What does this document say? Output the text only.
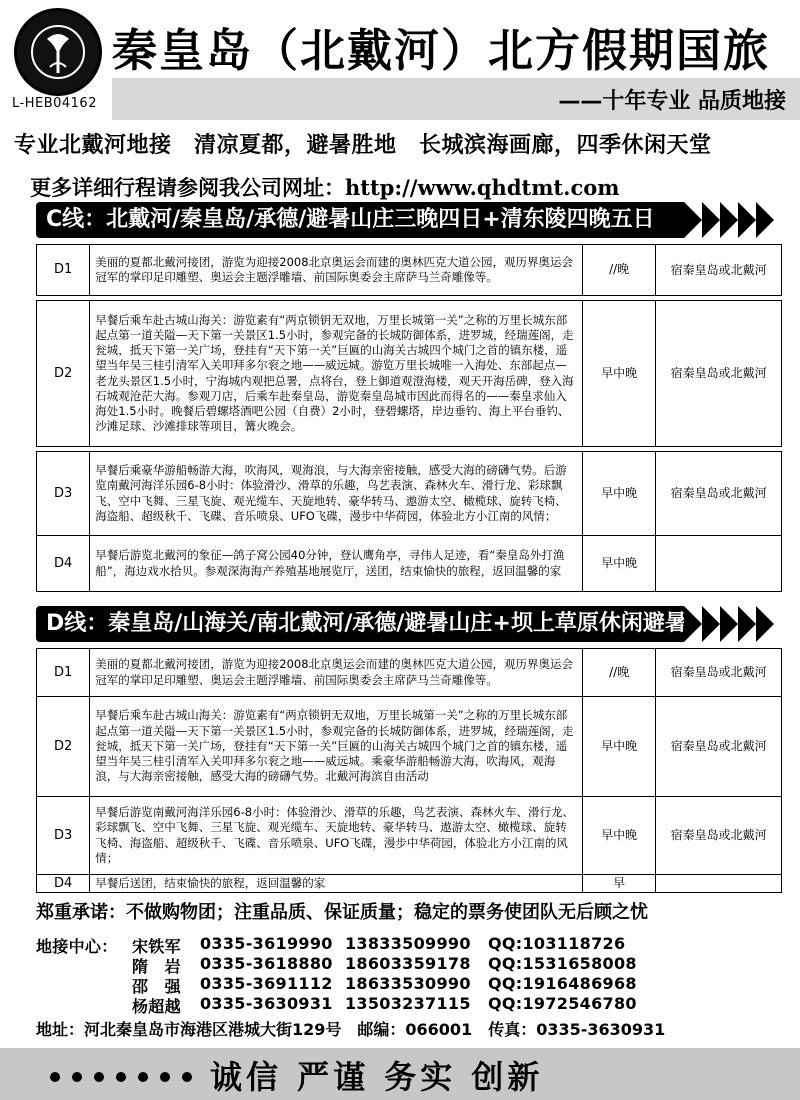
L-HEB04162
秦皇岛（北戴河）北方假期国旅
——十年专业 品质地接
专业北戴河地接　清凉夏都，避暑胜地　长城滨海画廊，四季休闲天堂
更多详细行程请参阅我公司网址：http://www.qhdtmt.com
C线：北戴河/秦皇岛/承德/避暑山庄三晚四日+清东陵四晚五日
D1	美丽的夏都北戴河接团，游览为迎接2008北京奥运会而建的奥林匹克大道公园，观历界奥运会冠军的掌印足印雕塑、奥运会主题浮雕墙、前国际奥委会主席萨马兰奇雕像等。	//晚	宿秦皇岛或北戴河

D2	早餐后乘车赴古城山海关：游览素有“两京锁钥无双地，万里长城第一关”之称的万里长城东部起点第一道关隘—天下第一关景区1.5小时，参观完备的长城防御体系，进罗城，经瑞莲阁，走瓮城，抵天下第一关广场，登挂有“天下第一关”巨匾的山海关古城四个城门之首的镇东楼，遥望当年吴三桂引清军入关叩拜多尔衮之地——威远城。游览万里长城唯一入海处、东部起点—老龙头景区1.5小时，宁海城内观把总署，点将台，登上御道观澄海楼，观天开海岳碑，登入海石城观沧茫大海。参观刀店，后乘车赴秦皇岛，游览秦皇岛城市因此而得名的——秦皇求仙入海处1.5小时。晚餐后碧螺塔酒吧公园（自费）2小时，登碧螺塔，岸边垂钓、海上平台垂钓、沙滩足球、沙滩排球等项目，篝火晚会。	早中晚	宿秦皇岛或北戴河

D3	早餐后乘豪华游船畅游大海，吹海风，观海浪，与大海亲密接触，感受大海的磅礴气势。后游览南戴河海洋乐园6-8小时：体验滑沙、滑草的乐趣，鸟艺表演、森林火车、滑行龙、彩球飘飞、空中飞舞、三星飞旋、观光缆车、天旋地转、豪华转马、遨游太空、橄榄球、旋转飞椅、海盗船、超级秋千、飞碟、音乐喷泉、UFO飞碟，漫步中华荷园，体验北方小江南的风情；	早中晚	宿秦皇岛或北戴河
D4	早餐后游览北戴河的象征—鸽子窝公园40分钟，登认鹰角亭，寻伟人足迹，看“秦皇岛外打渔船”，海边戏水拾贝。参观深海海产养殖基地展览厅，送团，结束愉快的旅程，返回温馨的家	早中晚	
D线：秦皇岛/山海关/南北戴河/承德/避暑山庄+坝上草原休闲避暑游
D1	美丽的夏都北戴河接团，游览为迎接2008北京奥运会而建的奥林匹克大道公园，观历界奥运会冠军的掌印足印雕塑、奥运会主题浮雕墙、前国际奥委会主席萨马兰奇雕像等。	//晚	宿秦皇岛或北戴河
D2	早餐后乘车赴古城山海关：游览素有“两京锁钥无双地，万里长城第一关”之称的万里长城东部起点第一道关隘—天下第一关景区1.5小时，参观完备的长城防御体系，进罗城，经瑞莲阁，走瓮城，抵天下第一关广场，登挂有“天下第一关”巨匾的山海关古城四个城门之首的镇东楼，遥望当年吴三桂引清军入关叩拜多尔衮之地——威远城。乘豪华游船畅游大海，吹海风，观海浪，与大海亲密接触，感受大海的磅礴气势。北戴河海滨自由活动	早中晚	宿秦皇岛或北戴河
D3	早餐后游览南戴河海洋乐园6-8小时：体验滑沙、滑草的乐趣，鸟艺表演、森林火车、滑行龙、彩球飘飞、空中飞舞、三星飞旋、观光缆车、天旋地转、豪华转马、遨游太空、橄榄球、旋转飞椅、海盗船、超级秋千、飞碟、音乐喷泉、UFO飞碟，漫步中华荷园，体验北方小江南的风情；	早中晚	宿秦皇岛或北戴河
D4	早餐后送团，结束愉快的旅程，返回温馨的家	早	
郑重承诺：不做购物团；注重品质、保证质量；稳定的票务使团队无后顾之忧
地接中心： 宋铁军 0335-3619990 13833509990 QQ:103118726
隋　岩 0335-3618880 18603359178 QQ:1531658008
邵　强 0335-3691112 18633530990 QQ:1916486968
杨超越 0335-3630931 13503237115 QQ:1972546780
地址：河北秦皇岛市海港区港城大街129号　邮编：066001　传真：0335-3630931
诚信 严谨 务实 创新
